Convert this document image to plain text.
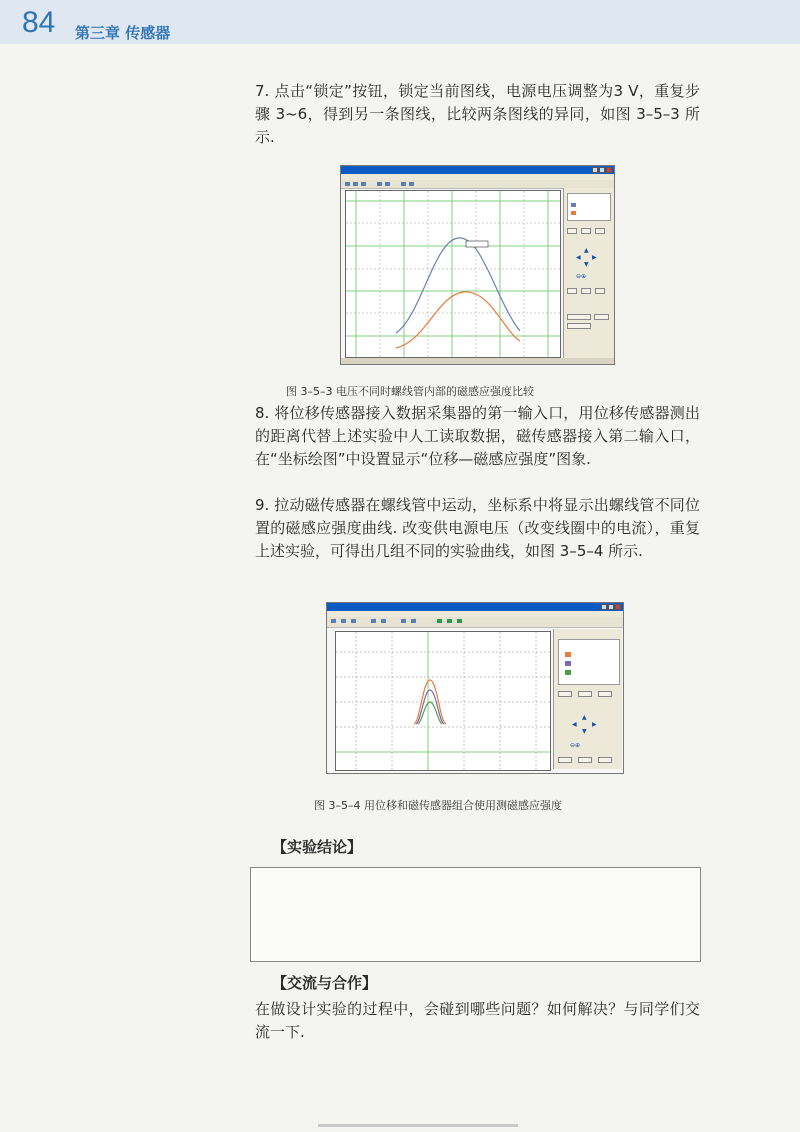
84 第三章 传感器

7. 点击“锁定”按钮，锁定当前图线，电源电压调整为3 V，重复步骤 3~6，得到另一条图线，比较两条图线的异同，如图 3–5–3 所示.

▲
◀ ▶
▼
⊖⊕
图 3–5–3 电压不同时螺线管内部的磁感应强度比较

8. 将位移传感器接入数据采集器的第一输入口，用位移传感器测出的距离代替上述实验中人工读取数据，磁传感器接入第二输入口，在“坐标绘图”中设置显示“位移—磁感应强度”图象.

9. 拉动磁传感器在螺线管中运动，坐标系中将显示出螺线管不同位置的磁感应强度曲线. 改变供电源电压（改变线圈中的电流），重复上述实验，可得出几组不同的实验曲线，如图 3–5–4 所示.

▲
◀	▶
▼
⊖⊕
图 3–5–4 用位移和磁传感器组合使用测磁感应强度
【实验结论】
【交流与合作】

在做设计实验的过程中，会碰到哪些问题？如何解决？与同学们交流一下.
